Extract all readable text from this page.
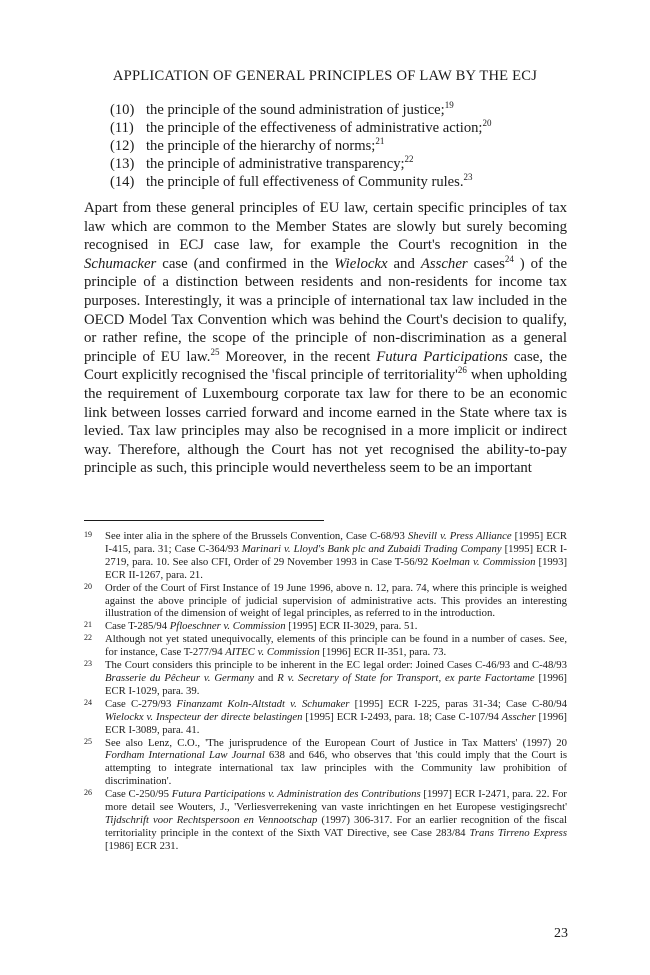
APPLICATION OF GENERAL PRINCIPLES OF LAW BY THE ECJ
(10) the principle of the sound administration of justice;$^{19}$
(11) the principle of the effectiveness of administrative action;$^{20}$
(12) the principle of the hierarchy of norms;$^{21}$
(13) the principle of administrative transparency;$^{22}$
(14) the principle of full effectiveness of Community rules.$^{23}$

Apart from these general principles of EU law, certain specific principles of tax law which are common to the Member States are slowly but surely becoming recognised in ECJ case law, for example the Court's recognition in the Schumacker case (and confirmed in the Wielockx and Asscher cases$^{24}$ ) of the principle of a distinction between residents and non-residents for income tax purposes. Interestingly, it was a principle of international tax law included in the OECD Model Tax Convention which was behind the Court's decision to qualify, or rather refine, the scope of the principle of non-discrimination as a general principle of EU law.$^{25}$ Moreover, in the recent Futura Participations case, the Court explicitly recognised the 'fiscal principle of $territoriality'^{26}$ when upholding the requirement of Luxembourg corporate tax law for there to be an economic link between losses carried forward and income earned in the State where tax is levied. Tax law principles may also be recognised in a more implicit or indirect way. Therefore, although the Court has not yet recognised the ability-to-pay principle as such, this principle would nevertheless seem to be an important

19 See inter alia in the sphere of the Brussels Convention, Case C-68/93 Shevill v. Press Alliance [1995] ECR I-415, para. 31; Case C-364/93 Marinari v. Lloyd's Bank plc and Zubaidi Trading Company [1995] ECR I-2719, para. 10. See also CFI, Order of 29 November 1993 in Case T-56/92 Koelman v. Commission [1993] ECR II-1267, para. 21.
20 Order of the Court of First Instance of 19 June 1996, above n. 12, para. 74, where this principle is weighed against the above principle of judicial supervision of administrative acts. This provides an interesting illustration of the dimension of weight of legal principles, as referred to in the introduction.
21 Case T-285/94 Pfloeschner v. Commission [1995] ECR II-3029, para. 51.
22 Although not yet stated unequivocally, elements of this principle can be found in a number of cases. See, for instance, Case T-277/94 AITEC v. Commission [1996] ECR II-351, para. 73.
23 The Court considers this principle to be inherent in the EC legal order: Joined Cases C-46/93 and C-48/93 Brasserie du Pêcheur v. Germany and R v. Secretary of State for Transport, ex parte Factortame [1996] ECR I-1029, para. 39.
24 Case C-279/93 Finanzamt Koln-Altstadt v. Schumaker [1995] ECR I-225, paras 31-34; Case C-80/94 Wielockx v. Inspecteur der directe belastingen [1995] ECR I-2493, para. 18; Case C-107/94 Asscher [1996] ECR I-3089, para. 41.
25 See also Lenz, C.O., 'The jurisprudence of the European Court of Justice in Tax Matters' (1997) 20 Fordham International Law Journal 638 and 646, who observes that 'this could imply that the Court is attempting to integrate international tax law principles with the Community law prohibition of discrimination'.
26 Case C-250/95 Futura Participations v. Administration des Contributions [1997] ECR I-2471, para. 22. For more detail see Wouters, J., 'Verliesverrekening van vaste inrichtingen en het Europese vestigingsrecht' Tijdschrift voor Rechtspersoon en Vennootschap (1997) 306-317. For an earlier recognition of the fiscal territoriality principle in the context of the Sixth VAT Directive, see Case 283/84 Trans Tirreno Express [1986] ECR 231.
23
